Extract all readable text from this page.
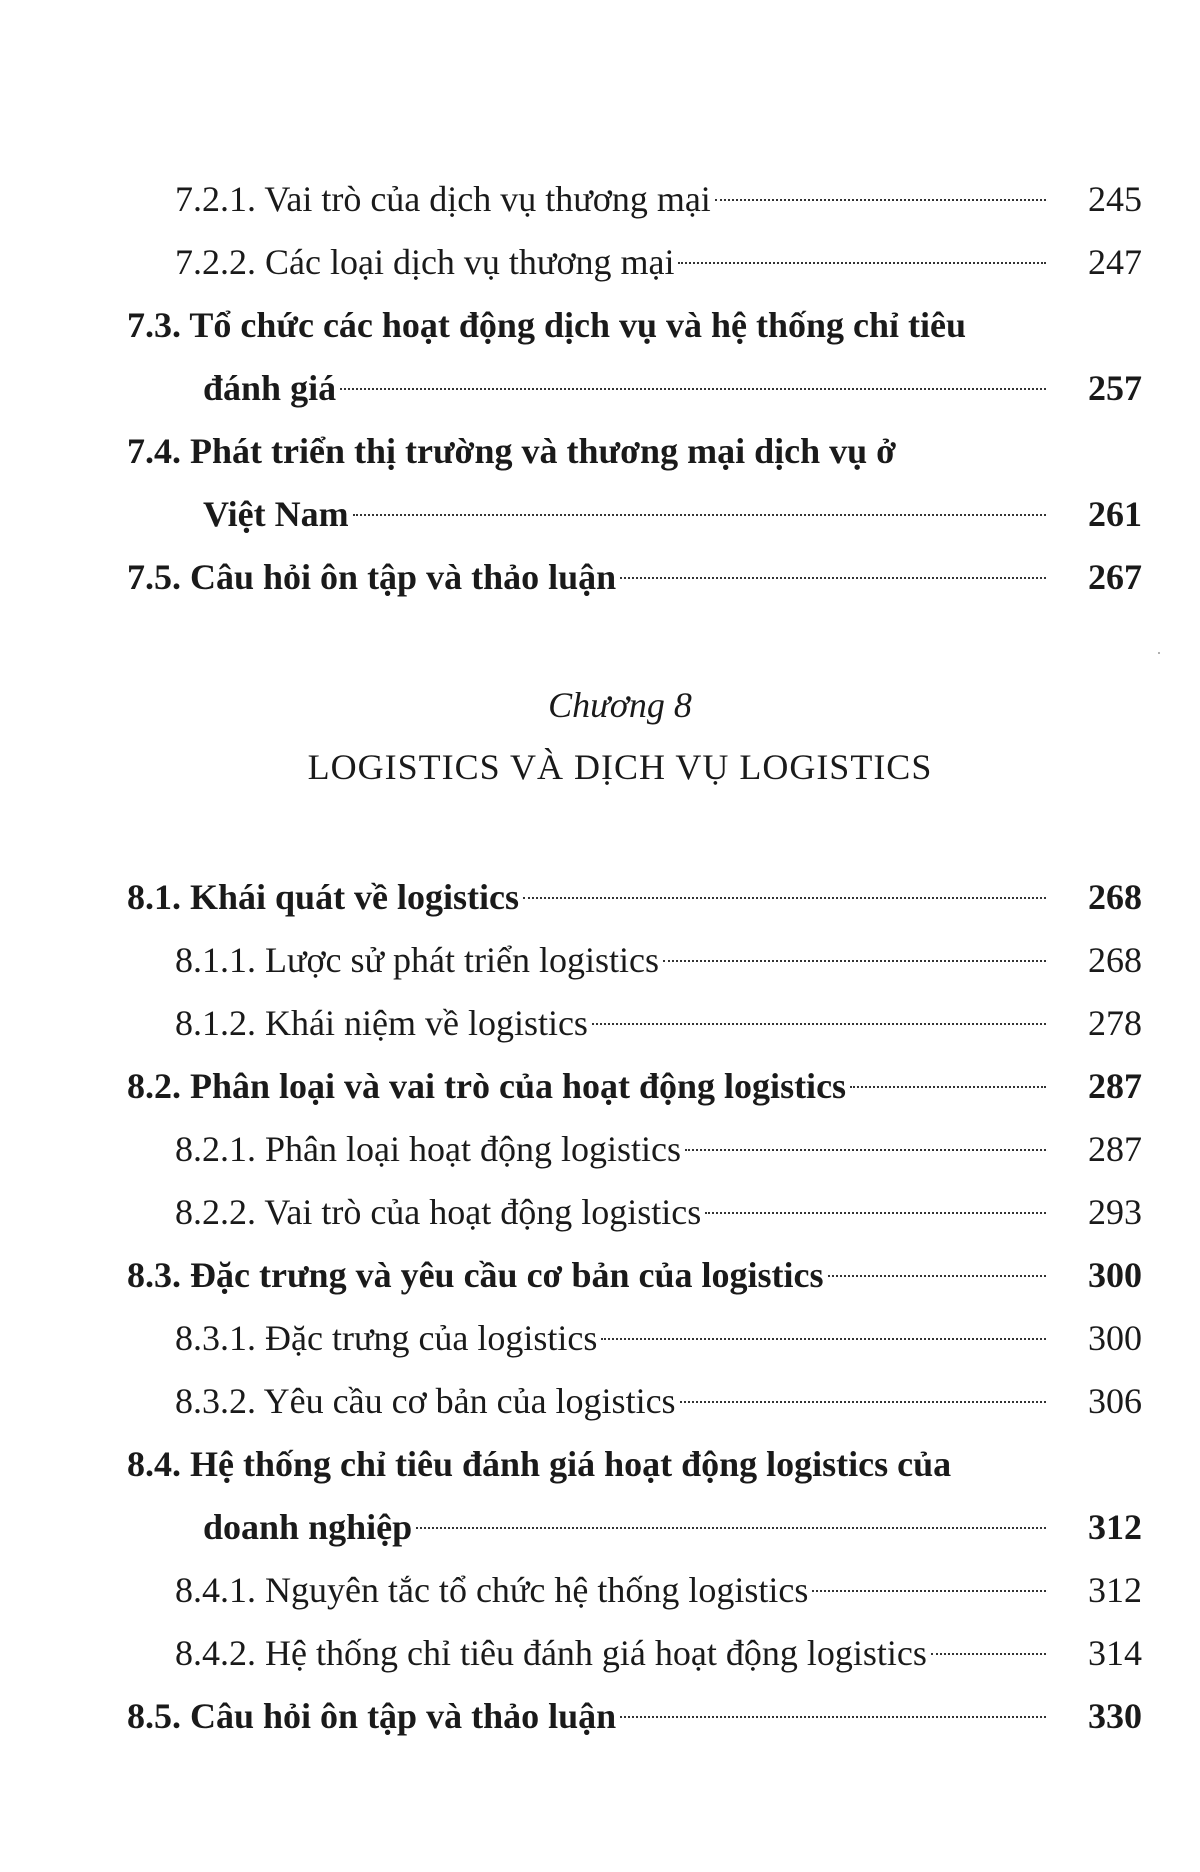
7.2.1. Vai trò của dịch vụ thương mại	245
7.2.2. Các loại dịch vụ thương mại	247
7.3. Tổ chức các hoạt động dịch vụ và hệ thống chỉ tiêu
đánh giá	257
7.4. Phát triển thị trường và thương mại dịch vụ ở
Việt Nam	261
7.5. Câu hỏi ôn tập và thảo luận	267
Chương 8
LOGISTICS VÀ DỊCH VỤ LOGISTICS
8.1. Khái quát về logistics	268
8.1.1. Lược sử phát triển logistics	268
8.1.2. Khái niệm về logistics	278
8.2. Phân loại và vai trò của hoạt động logistics	287
8.2.1. Phân loại hoạt động logistics	287
8.2.2. Vai trò của hoạt động logistics	293
8.3. Đặc trưng và yêu cầu cơ bản của logistics	300
8.3.1. Đặc trưng của logistics	300
8.3.2. Yêu cầu cơ bản của logistics	306
8.4. Hệ thống chỉ tiêu đánh giá hoạt động logistics của
doanh nghiệp	312
8.4.1. Nguyên tắc tổ chức hệ thống logistics	312
8.4.2. Hệ thống chỉ tiêu đánh giá hoạt động logistics	314
8.5. Câu hỏi ôn tập và thảo luận	330
